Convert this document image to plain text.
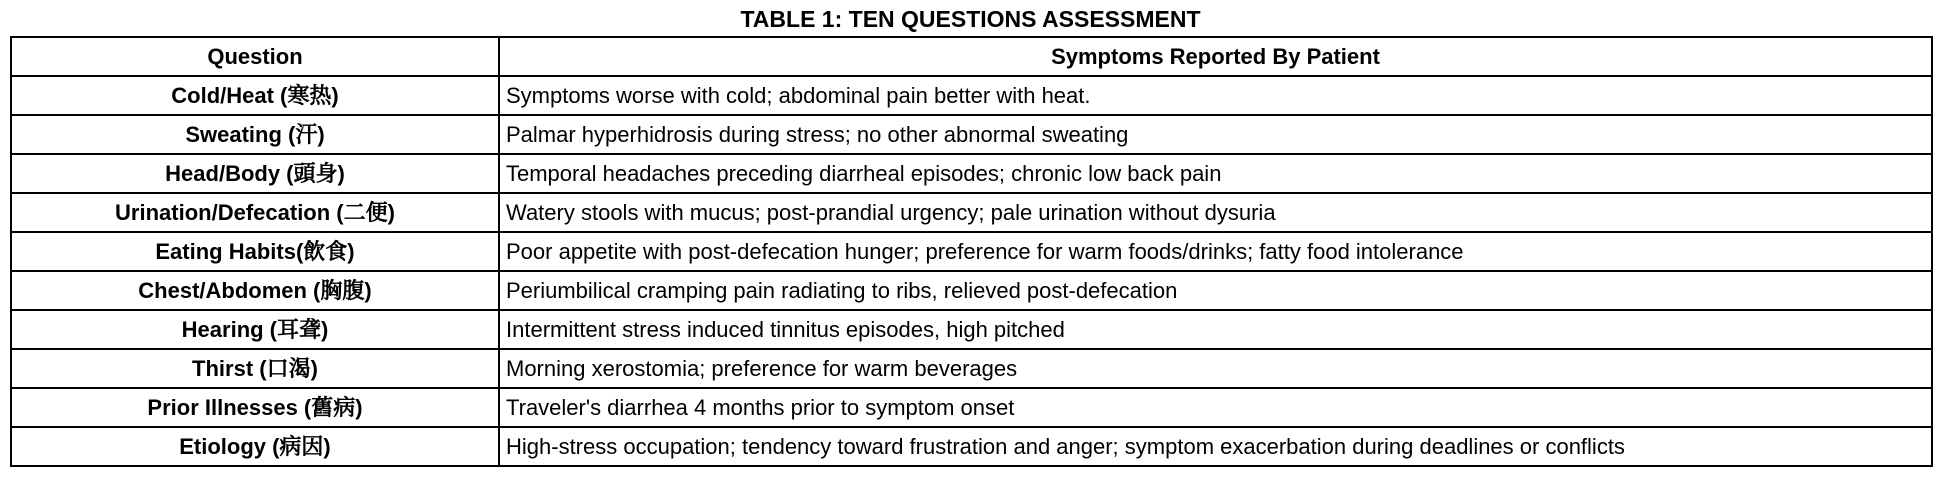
TABLE 1: TEN QUESTIONS ASSESSMENT
Question	Symptoms Reported By Patient
Cold/Heat (寒热)	Symptoms worse with cold; abdominal pain better with heat.
Sweating (汗)	Palmar hyperhidrosis during stress; no other abnormal sweating
Head/Body (頭身)	Temporal headaches preceding diarrheal episodes; chronic low back pain
Urination/Defecation (二便)	Watery stools with mucus; post-prandial urgency; pale urination without dysuria
Eating Habits(飲食)	Poor appetite with post-defecation hunger; preference for warm foods/drinks; fatty food intolerance
Chest/Abdomen (胸腹)	Periumbilical cramping pain radiating to ribs, relieved post-defecation
Hearing (耳聋)	Intermittent stress induced tinnitus episodes, high pitched
Thirst (口渴)	Morning xerostomia; preference for warm beverages
Prior Illnesses (舊病)	Traveler's diarrhea 4 months prior to symptom onset
Etiology (病因)	High-stress occupation; tendency toward frustration and anger; symptom exacerbation during deadlines or conflicts
